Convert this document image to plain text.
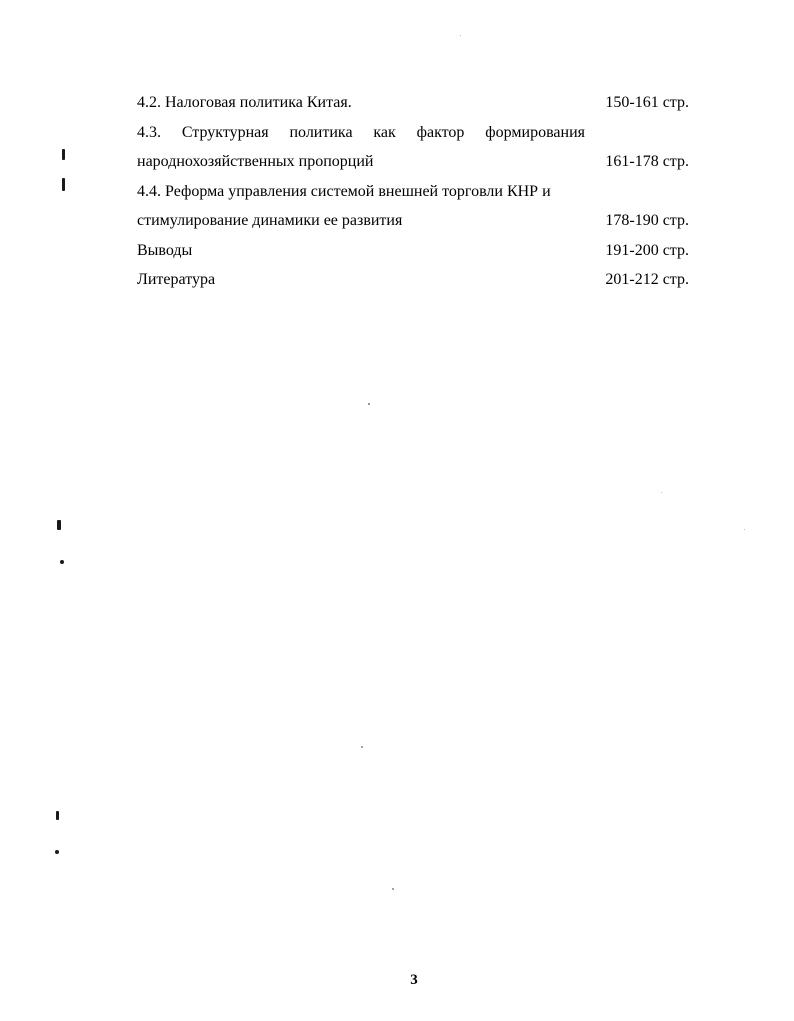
4.2. Налоговая политика Китая.	150-161 стр.
4.3. Структурная политика как фактор формирования
народнохозяйственных пропорций	161-178 стр.
4.4. Реформа управления системой внешней торговли КНР и
стимулирование динамики ее развития	178-190 стр.
Выводы	191-200 стр.
Литература	201-212 стр.
3
